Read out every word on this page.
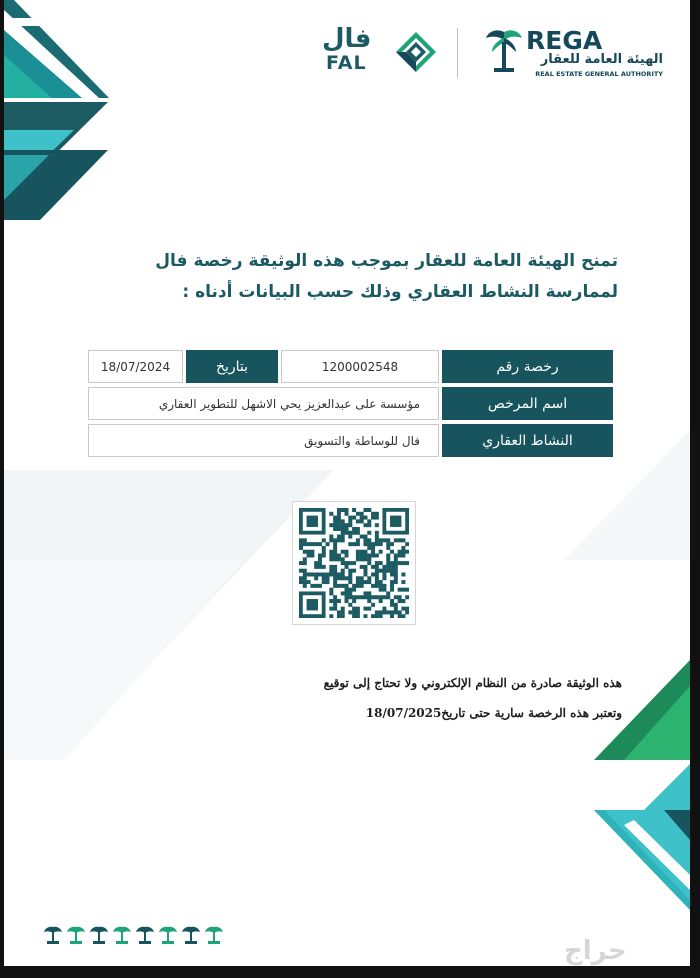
REGA
الهيئة العامة للعقار
REAL ESTATE GENERAL AUTHORITY
فال
FAL
تمنح الهيئة العامة للعقار بموجب هذه الوثيقة رخصة فال لممارسة النشاط العقاري وذلك حسب البيانات أدناه :
رخصة رقم
1200002548
بتاريخ
18/07/2024
اسم المرخص
مؤسسة على عبدالعزيز يحي الاشهل للتطوير العقاري
النشاط العقاري
فال للوساطة والتسويق
هذه الوثيقة صادرة من النظام الإلكتروني ولا تحتاج إلى توقيع
وتعتبر هذه الرخصة سارية حتى تاريخ18/07/2025
حراج
